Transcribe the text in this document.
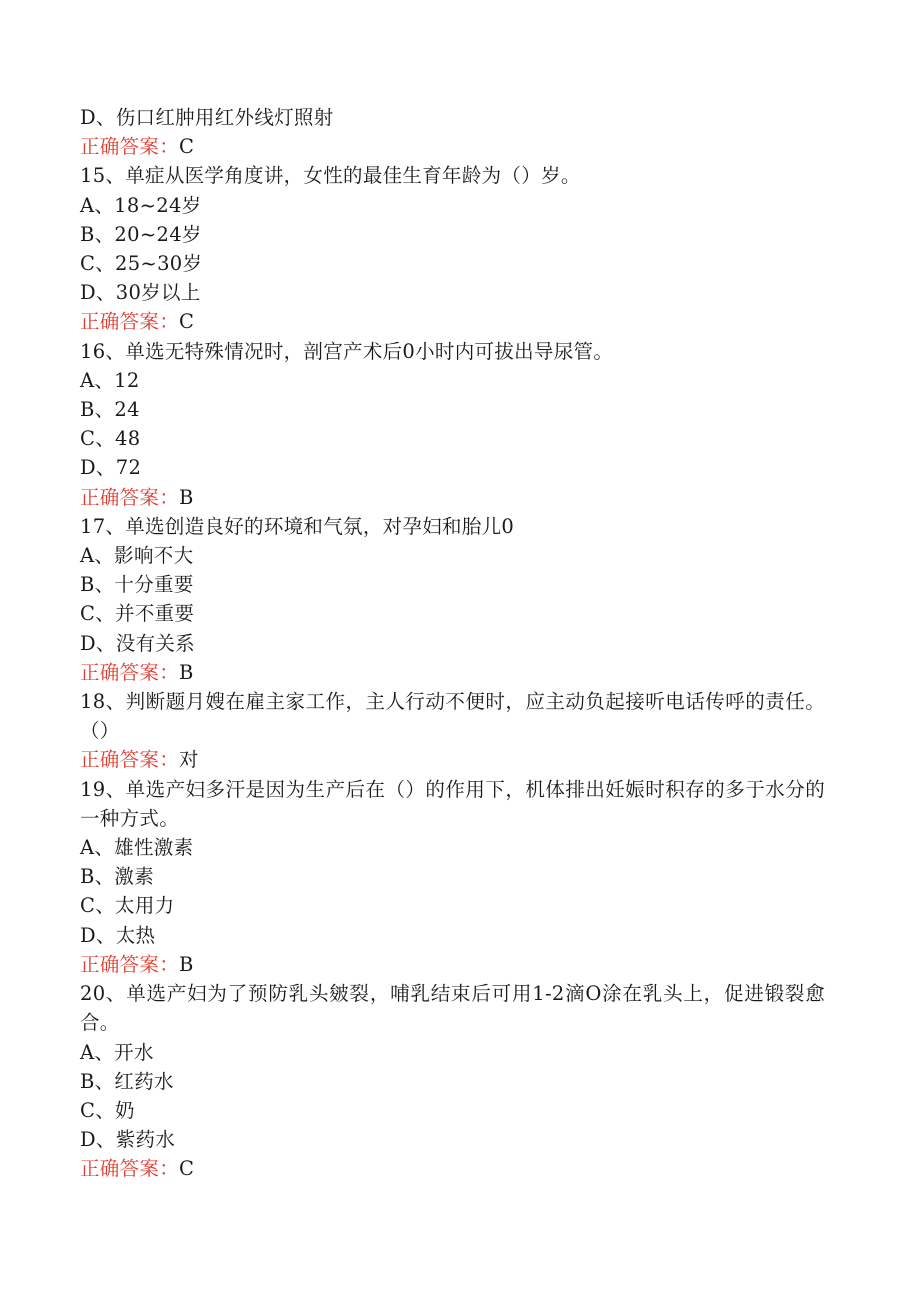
D、伤口红肿用红外线灯照射
正确答案：C
15、单症从医学角度讲，女性的最佳生育年龄为（）岁。
A、18~24岁
B、20~24岁
C、25~30岁
D、30岁以上
正确答案：C
16、单选无特殊情况时，剖宫产术后0小时内可拔出导尿管。
A、12
B、24
C、48
D、72
正确答案：B
17、单选创造良好的环境和气氛，对孕妇和胎儿0
A、影响不大
B、十分重要
C、并不重要
D、没有关系
正确答案：B
18、判断题月嫂在雇主家工作，主人行动不便时，应主动负起接听电话传呼的责任。（）
正确答案：对
19、单选产妇多汗是因为生产后在（）的作用下，机体排出妊娠时积存的多于水分的一种方式。
A、雄性激素
B、激素
C、太用力
D、太热
正确答案：B
20、单选产妇为了预防乳头皴裂，哺乳结束后可用1-2滴O涂在乳头上，促进锻裂愈合。
A、开水
B、红药水
C、奶
D、紫药水
正确答案：C
